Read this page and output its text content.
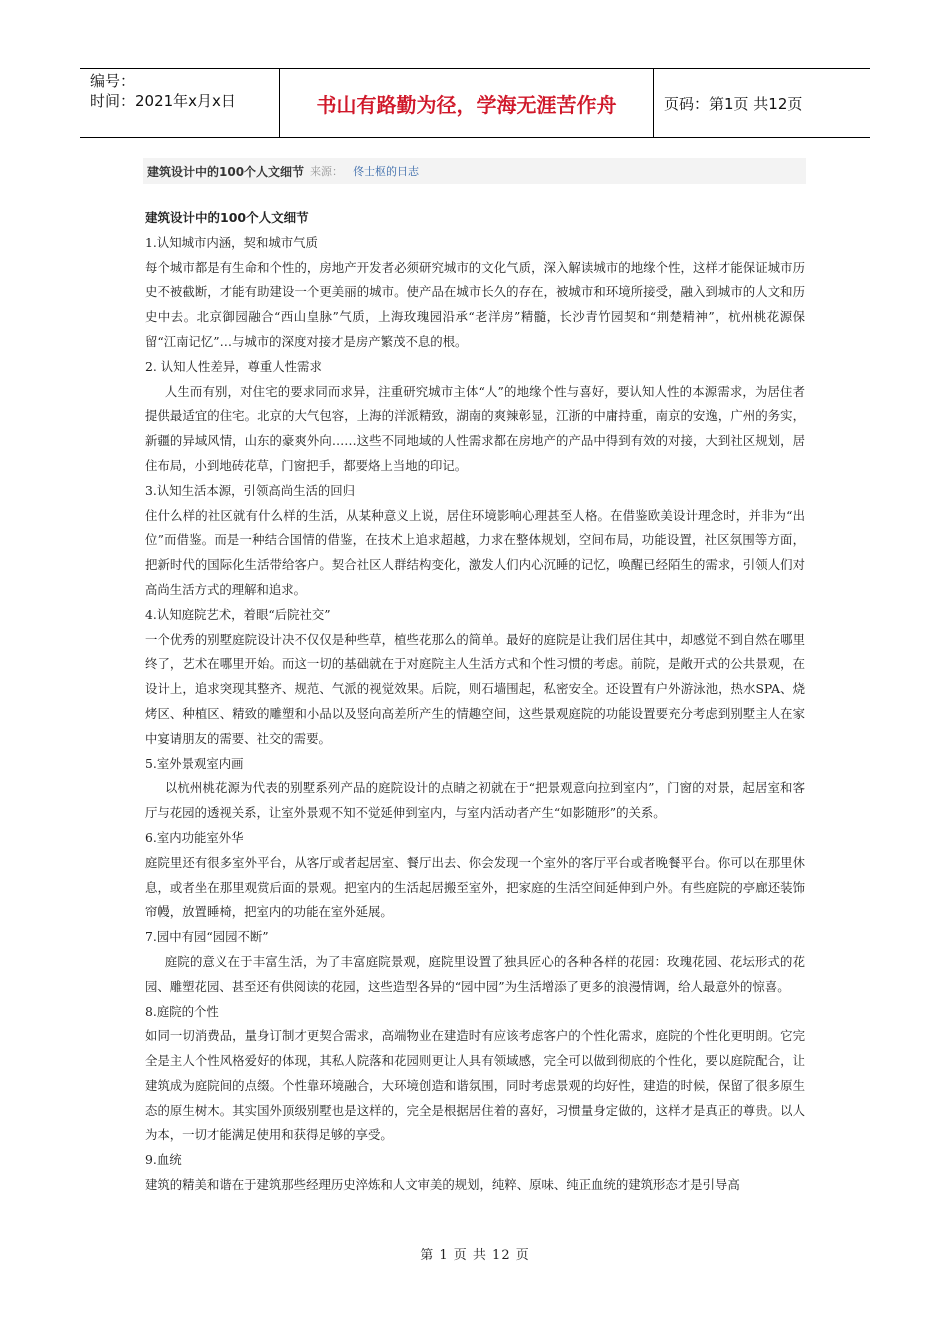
编号：
时间：2021年x月x日	书山有路勤为径，学海无涯苦作舟	页码：第1页 共12页
建筑设计中的100个人文细节 来源： 佟士枢的日志

建筑设计中的100个人文细节

1.认知城市内涵，契和城市气质

每个城市都是有生命和个性的，房地产开发者必须研究城市的文化气质，深入解读城市的地缘个性，这样才能保证城市历史不被截断，才能有助建设一个更美丽的城市。使产品在城市长久的存在，被城市和环境所接受，融入到城市的人文和历史中去。北京御园融合“西山皇脉”气质，上海玫瑰园沿承“老洋房”精髓，长沙青竹园契和“荆楚精神”，杭州桃花源保留“江南记忆”…与城市的深度对接才是房产繁茂不息的根。

2. 认知人性差异，尊重人性需求

人生而有别，对住宅的要求同而求异，注重研究城市主体“人”的地缘个性与喜好，要认知人性的本源需求，为居住者提供最适宜的住宅。北京的大气包容，上海的洋派精致，湖南的爽辣彰显，江浙的中庸持重，南京的安逸，广州的务实，新疆的异域风情，山东的豪爽外向……这些不同地域的人性需求都在房地产的产品中得到有效的对接，大到社区规划，居住布局，小到地砖花草，门窗把手，都要烙上当地的印记。

3.认知生活本源，引领高尚生活的回归

住什么样的社区就有什么样的生活，从某种意义上说，居住环境影响心理甚至人格。在借鉴欧美设计理念时，并非为“出位”而借鉴。而是一种结合国情的借鉴，在技术上追求超越，力求在整体规划，空间布局，功能设置，社区氛围等方面，把新时代的国际化生活带给客户。契合社区人群结构变化，激发人们内心沉睡的记忆，唤醒已经陌生的需求，引领人们对高尚生活方式的理解和追求。

4.认知庭院艺术，着眼“后院社交”

一个优秀的别墅庭院设计决不仅仅是种些草，植些花那么的简单。最好的庭院是让我们居住其中，却感觉不到自然在哪里终了，艺术在哪里开始。而这一切的基础就在于对庭院主人生活方式和个性习惯的考虑。前院，是敞开式的公共景观，在设计上，追求突现其整齐、规范、气派的视觉效果。后院，则石墙围起，私密安全。还设置有户外游泳池，热水SPA、烧烤区、种植区、精致的雕塑和小品以及竖向高差所产生的情趣空间，这些景观庭院的功能设置要充分考虑到别墅主人在家中宴请朋友的需要、社交的需要。

5.室外景观室内画

以杭州桃花源为代表的别墅系列产品的庭院设计的点睛之初就在于“把景观意向拉到室内”，门窗的对景，起居室和客厅与花园的透视关系，让室外景观不知不觉延伸到室内，与室内活动者产生“如影随形”的关系。

6.室内功能室外华

庭院里还有很多室外平台，从客厅或者起居室、餐厅出去、你会发现一个室外的客厅平台或者晚餐平台。你可以在那里休息，或者坐在那里观赏后面的景观。把室内的生活起居搬至室外，把家庭的生活空间延伸到户外。有些庭院的亭廊还装饰帘幔，放置睡椅，把室内的功能在室外延展。

7.园中有园“园园不断”

庭院的意义在于丰富生活，为了丰富庭院景观，庭院里设置了独具匠心的各种各样的花园：玫瑰花园、花坛形式的花园、雕塑花园、甚至还有供阅读的花园，这些造型各异的“园中园”为生活增添了更多的浪漫情调，给人最意外的惊喜。

8.庭院的个性

如同一切消费品，量身订制才更契合需求，高端物业在建造时有应该考虑客户的个性化需求，庭院的个性化更明朗。它完全是主人个性风格爱好的体现，其私人院落和花园则更让人具有领域感，完全可以做到彻底的个性化，要以庭院配合，让建筑成为庭院间的点缀。个性靠环境融合，大环境创造和谐氛围，同时考虑景观的均好性，建造的时候，保留了很多原生态的原生树木。其实国外顶级别墅也是这样的，完全是根据居住着的喜好，习惯量身定做的，这样才是真正的尊贵。以人为本，一切才能满足使用和获得足够的享受。

9.血统

建筑的精美和谐在于建筑那些经理历史淬炼和人文审美的规划，纯粹、原味、纯正血统的建筑形态才是引导高

第 1 页 共 12 页
